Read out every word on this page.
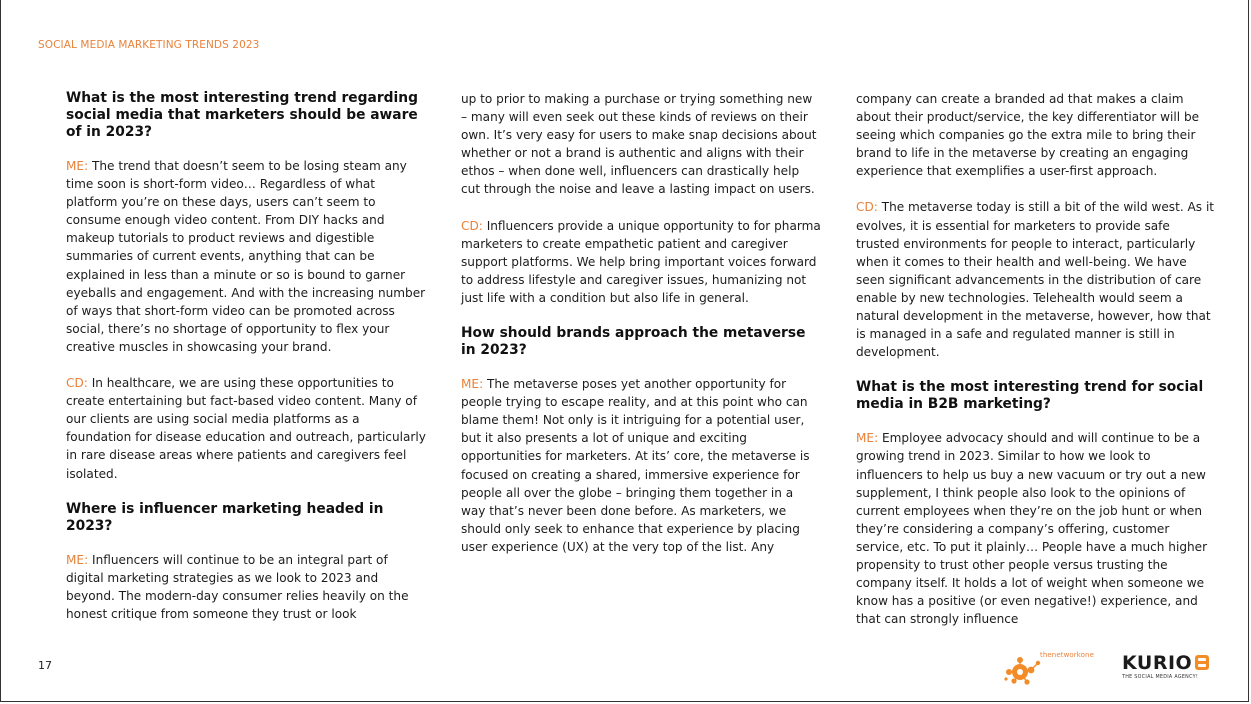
SOCIAL MEDIA MARKETING TRENDS 2023
What is the most interesting trend regarding social media that marketers should be aware of in 2023?

ME: The trend that doesn’t seem to be losing steam any time soon is short-form video… Regardless of what platform you’re on these days, users can’t seem to consume enough video content. From DIY hacks and makeup tutorials to product reviews and digestible summaries of current events, anything that can be explained in less than a minute or so is bound to garner eyeballs and engagement. And with the increasing number of ways that short-form video can be promoted across social, there’s no shortage of opportunity to flex your creative muscles in showcasing your brand.

CD: In healthcare, we are using these opportunities to create entertaining but fact-based video content. Many of our clients are using social media platforms as a foundation for disease education and outreach, particularly in rare disease areas where patients and caregivers feel isolated.

Where is influencer marketing headed in 2023?

ME: Influencers will continue to be an integral part of digital marketing strategies as we look to 2023 and beyond. The modern-day consumer relies heavily on the honest critique from someone they trust or look

up to prior to making a purchase or trying something new – many will even seek out these kinds of reviews on their own. It’s very easy for users to make snap decisions about whether or not a brand is authentic and aligns with their ethos – when done well, influencers can drastically help cut through the noise and leave a lasting impact on users.

CD: Influencers provide a unique opportunity to for pharma marketers to create empathetic patient and caregiver support platforms. We help bring important voices forward to address lifestyle and caregiver issues, humanizing not just life with a condition but also life in general.

How should brands approach the metaverse in 2023?

ME: The metaverse poses yet another opportunity for people trying to escape reality, and at this point who can blame them! Not only is it intriguing for a potential user, but it also presents a lot of unique and exciting opportunities for marketers. At its’ core, the metaverse is focused on creating a shared, immersive experience for people all over the globe – bringing them together in a way that’s never been done before. As marketers, we should only seek to enhance that experience by placing user experience (UX) at the very top of the list. Any

company can create a branded ad that makes a claim about their product/service, the key differentiator will be seeing which companies go the extra mile to bring their brand to life in the metaverse by creating an engaging experience that exemplifies a user-first approach.

CD: The metaverse today is still a bit of the wild west. As it evolves, it is essential for marketers to provide safe trusted environments for people to interact, particularly when it comes to their health and well-being. We have seen significant advancements in the distribution of care enable by new technologies. Telehealth would seem a natural development in the metaverse, however, how that is managed in a safe and regulated manner is still in development.

What is the most interesting trend for social media in B2B marketing?

ME: Employee advocacy should and will continue to be a growing trend in 2023. Similar to how we look to influencers to help us buy a new vacuum or try out a new supplement, I think people also look to the opinions of current employees when they’re on the job hunt or when they’re considering a company’s offering, customer service, etc. To put it plainly… People have a much higher propensity to trust other people versus trusting the company itself. It holds a lot of weight when someone we know has a positive (or even negative!) experience, and that can strongly influence

17
thenetworkone KURIO
THE SOCIAL MEDIA AGENCY!
